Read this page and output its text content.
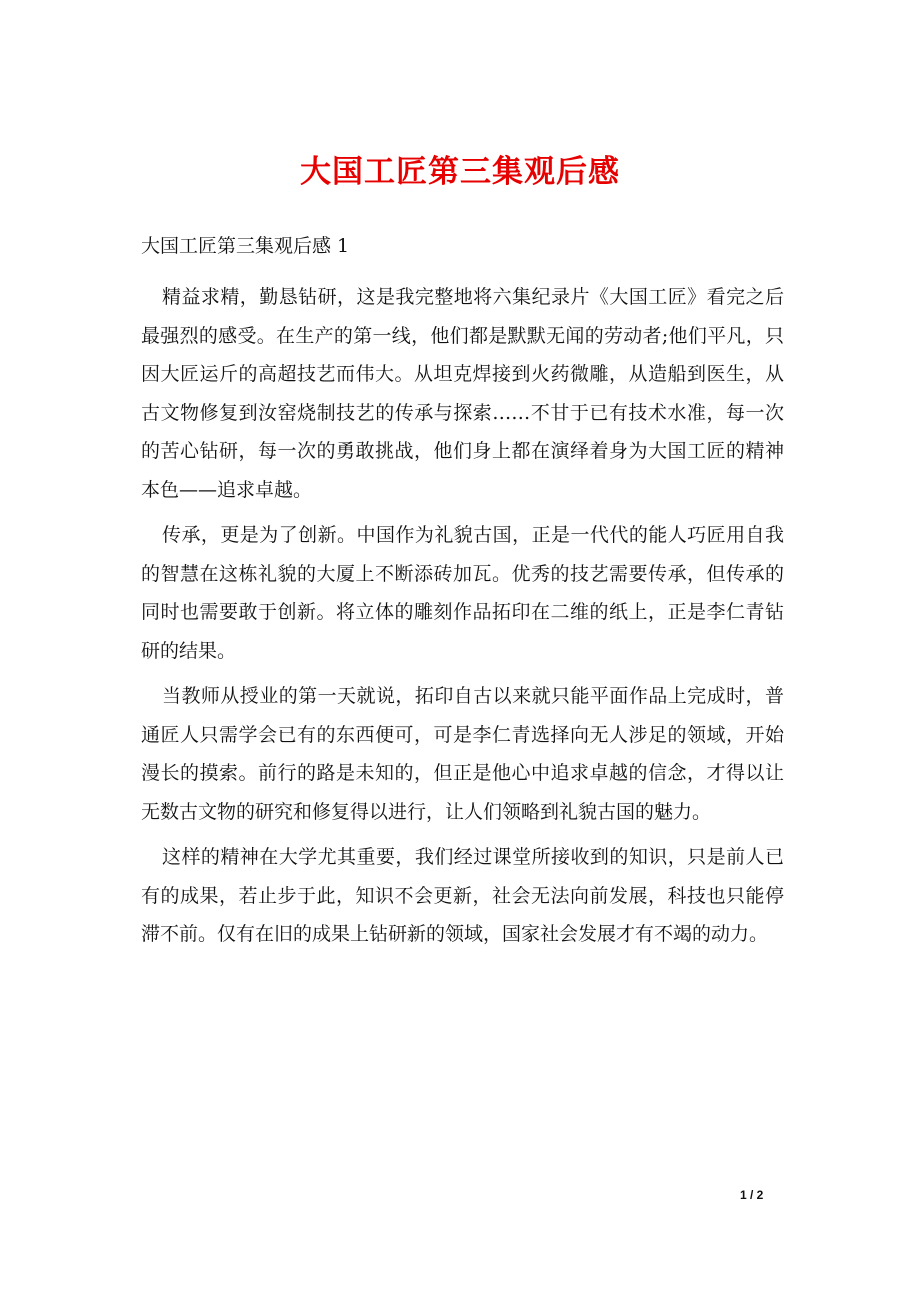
大国工匠第三集观后感
大国工匠第三集观后感 1

精益求精，勤恳钻研，这是我完整地将六集纪录片《大国工匠》看完之后最强烈的感受。在生产的第一线，他们都是默默无闻的劳动者;他们平凡，只因大匠运斤的高超技艺而伟大。从坦克焊接到火药微雕，从造船到医生，从古文物修复到汝窑烧制技艺的传承与探索……不甘于已有技术水准，每一次的苦心钻研，每一次的勇敢挑战，他们身上都在演绎着身为大国工匠的精神本色——追求卓越。

传承，更是为了创新。中国作为礼貌古国，正是一代代的能人巧匠用自我的智慧在这栋礼貌的大厦上不断添砖加瓦。优秀的技艺需要传承，但传承的同时也需要敢于创新。将立体的雕刻作品拓印在二维的纸上，正是李仁青钻研的结果。

当教师从授业的第一天就说，拓印自古以来就只能平面作品上完成时，普通匠人只需学会已有的东西便可，可是李仁青选择向无人涉足的领域，开始漫长的摸索。前行的路是未知的，但正是他心中追求卓越的信念，才得以让无数古文物的研究和修复得以进行，让人们领略到礼貌古国的魅力。

这样的精神在大学尤其重要，我们经过课堂所接收到的知识，只是前人已有的成果，若止步于此，知识不会更新，社会无法向前发展，科技也只能停滞不前。仅有在旧的成果上钻研新的领域，国家社会发展才有不竭的动力。

1 / 2
